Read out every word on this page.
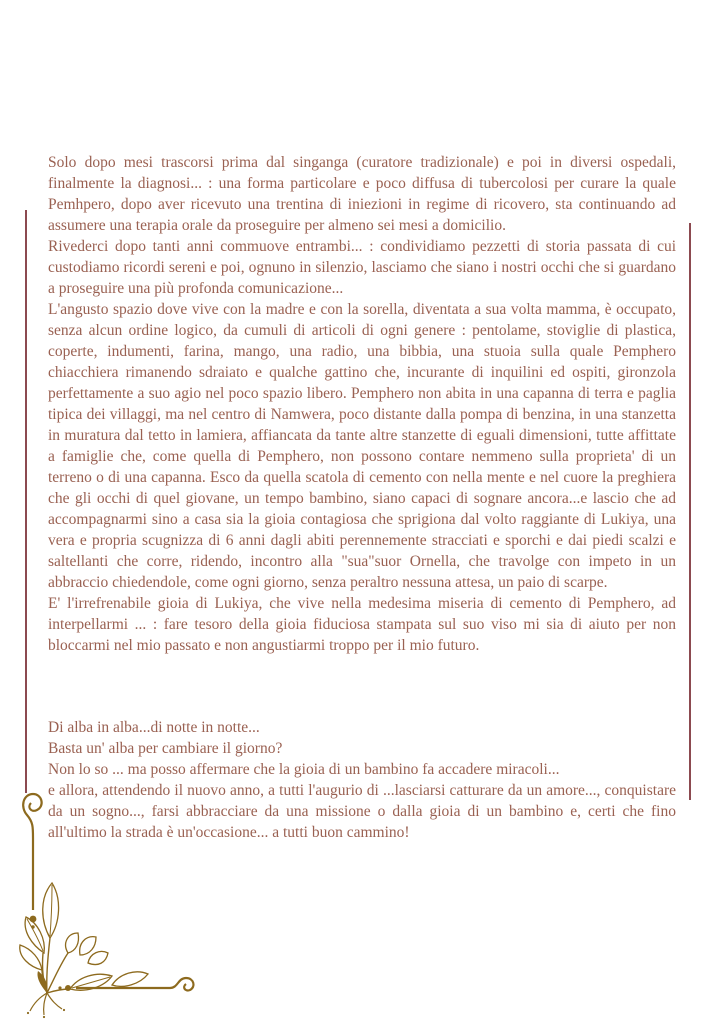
Solo dopo mesi trascorsi prima dal singanga (curatore tradizionale) e poi in diversi ospedali, finalmente la diagnosi... : una forma particolare e poco diffusa di tubercolosi per curare la quale Pemhpero, dopo aver ricevuto una trentina di iniezioni in regime di ricovero, sta continuando ad assumere una terapia orale da proseguire per almeno sei mesi a domicilio.

Rivederci dopo tanti anni commuove entrambi... : condividiamo pezzetti di storia passata di cui custodiamo ricordi sereni e poi, ognuno in silenzio, lasciamo che siano i nostri occhi che si guardano a proseguire una più profonda comunicazione...

L'angusto spazio dove vive con la madre e con la sorella, diventata a sua volta mamma, è occupato, senza alcun ordine logico, da cumuli di articoli di ogni genere : pentolame, stoviglie di plastica, coperte, indumenti, farina, mango, una radio, una bibbia, una stuoia sulla quale Pemphero chiacchiera rimanendo sdraiato e qualche gattino che, incurante di inquilini ed ospiti, gironzola perfettamente a suo agio nel poco spazio libero. Pemphero non abita in una capanna di terra e paglia tipica dei villaggi, ma nel centro di Namwera, poco distante dalla pompa di benzina, in una stanzetta in muratura dal tetto in lamiera, affiancata da tante altre stanzette di eguali dimensioni, tutte affittate a famiglie che, come quella di Pemphero, non possono contare nemmeno sulla proprieta' di un terreno o di una capanna. Esco da quella scatola di cemento con nella mente e nel cuore la preghiera che gli occhi di quel giovane, un tempo bambino, siano capaci di sognare ancora...e lascio che ad accompagnarmi sino a casa sia la gioia contagiosa che sprigiona dal volto raggiante di Lukiya, una vera e propria scugnizza di 6 anni dagli abiti perennemente stracciati e sporchi e dai piedi scalzi e saltellanti che corre, ridendo, incontro alla "sua"suor Ornella, che travolge con impeto in un abbraccio chiedendole, come ogni giorno, senza peraltro nessuna attesa, un paio di scarpe.

E' l'irrefrenabile gioia di Lukiya, che vive nella medesima miseria di cemento di Pemphero, ad interpellarmi ... : fare tesoro della gioia fiduciosa stampata sul suo viso mi sia di aiuto per non bloccarmi nel mio passato e non angustiarmi troppo per il mio futuro.

Di alba in alba...di notte in notte...

Basta un' alba per cambiare il giorno?

Non lo so ... ma posso affermare che la gioia di un bambino fa accadere miracoli...

e allora, attendendo il nuovo anno, a tutti l'augurio di ...lasciarsi catturare da un amore..., conquistare da un sogno..., farsi abbracciare da una missione o dalla gioia di un bambino e, certi che fino all'ultimo la strada è un'occasione... a tutti buon cammino!
